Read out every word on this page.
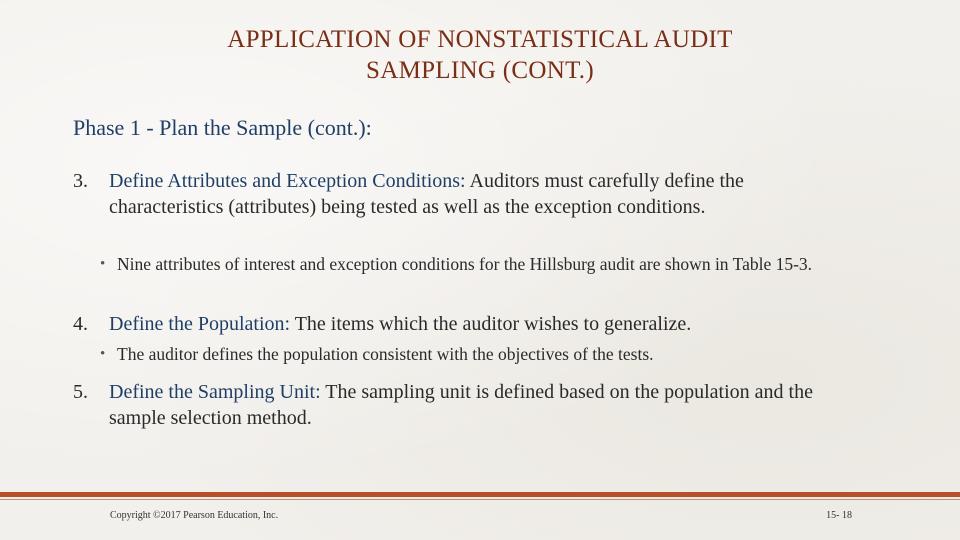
APPLICATION OF NONSTATISTICAL AUDIT
SAMPLING (CONT.)
Phase 1 - Plan the Sample (cont.):
3.	Define Attributes and Exception Conditions: Auditors must carefully define the characteristics (attributes) being tested as well as the exception conditions.
• Nine attributes of interest and exception conditions for the Hillsburg audit are shown in Table 15-3.
4.	Define the Population: The items which the auditor wishes to generalize.
• The auditor defines the population consistent with the objectives of the tests.
5.	Define the Sampling Unit: The sampling unit is defined based on the population and the sample selection method.
Copyright ©2017 Pearson Education, Inc.	15- 18
